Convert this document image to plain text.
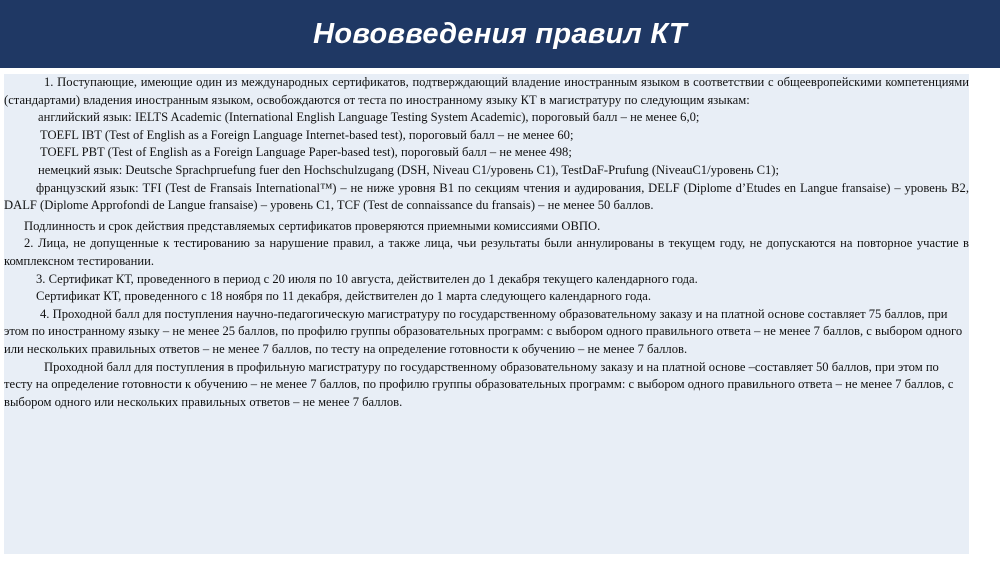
Нововведения правил КТ

1. Поступающие, имеющие один из международных сертификатов, подтверждающий владение иностранным языком в соответствии с общеевропейскими компетенциями (стандартами) владения иностранным языком, освобождаются от теста по иностранному языку КТ в магистратуру по следующим языкам:

английский язык: IELTS Academic (International English Language Testing System Academic), пороговый балл – не менее 6,0;

TOEFL IBT (Test of English as a Foreign Language Internet-based test), пороговый балл – не менее 60;

TOEFL PBT (Test of English as a Foreign Language Paper-based test), пороговый балл – не менее 498;

немецкий язык: Deutsche Sprachpruefung fuer den Hochschulzugang (DSH, Niveau C1/уровень C1), TestDaF-Prufung (NiveauC1/уровень C1);

французский язык: TFI (Test de Fransais International™) – не ниже уровня B1 по секциям чтения и аудирования, DELF (Diplome d’Etudes en Langue fransaise) – уровень B2, DALF (Diplome Approfondi de Langue fransaise) – уровень C1, TCF (Test de connaissance du fransais) – не менее 50 баллов.

Подлинность и срок действия представляемых сертификатов проверяются приемными комиссиями ОВПО.

2. Лица, не допущенные к тестированию за нарушение правил, а также лица, чьи результаты были аннулированы в текущем году, не допускаются на повторное участие в комплексном тестировании.

3. Сертификат КТ, проведенного в период с 20 июля по 10 августа, действителен до 1 декабря текущего календарного года.

Сертификат КТ, проведенного с 18 ноября по 11 декабря, действителен до 1 марта следующего календарного года.

4. Проходной балл для поступления научно-педагогическую магистратуру по государственному образовательному заказу и на платной основе составляет 75 баллов, при этом по иностранному языку – не менее 25 баллов, по профилю группы образовательных программ: с выбором одного правильного ответа – не менее 7 баллов, с выбором одного или нескольких правильных ответов – не менее 7 баллов, по тесту на определение готовности к обучению – не менее 7 баллов.

Проходной балл для поступления в профильную магистратуру по государственному образовательному заказу и на платной основе –составляет 50 баллов, при этом по тесту на определение готовности к обучению – не менее 7 баллов, по профилю группы образовательных программ: с выбором одного правильного ответа – не менее 7 баллов, с выбором одного или нескольких правильных ответов – не менее 7 баллов.
